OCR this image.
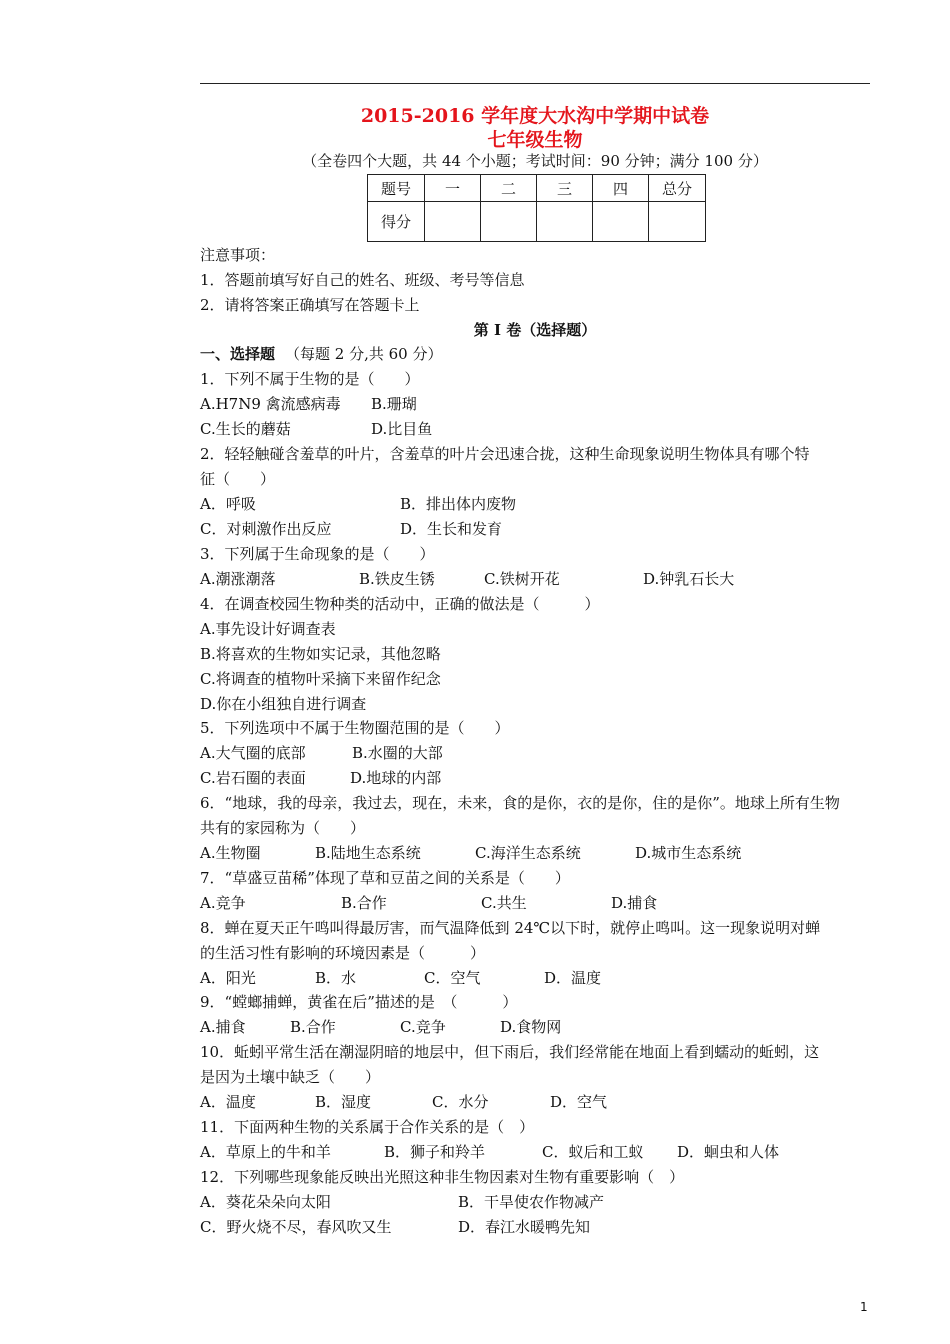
2015-2016 学年度大水沟中学期中试卷
七年级生物
（全卷四个大题，共 44 个小题；考试时间：90 分钟；满分 100 分）
题号	一	二	三	四	总分
得分					
注意事项：
1．答题前填写好自己的姓名、班级、考号等信息
2．请将答案正确填写在答题卡上
第 I 卷（选择题）
一、选择题 （每题 2 分,共 60 分）
1．下列不属于生物的是（　　）
A.H7N9 禽流感病毒 B.珊瑚
C.生长的蘑菇	D.比目鱼
2．轻轻触碰含羞草的叶片，含羞草的叶片会迅速合拢，这种生命现象说明生物体具有哪个特
征（　　）
A．呼吸	B．排出体内废物
C．对刺激作出反应	D．生长和发育
3．下列属于生命现象的是（　　）
A.潮涨潮落	B.铁皮生锈	C.铁树开花	D.钟乳石长大
4．在调查校园生物种类的活动中，正确的做法是（　　　）
A.事先设计好调查表
B.将喜欢的生物如实记录，其他忽略
C.将调查的植物叶采摘下来留作纪念
D.你在小组独自进行调查
5．下列选项中不属于生物圈范围的是（　　）
A.大气圈的底部	B.水圈的大部
C.岩石圈的表面	D.地球的内部
6．“地球，我的母亲，我过去，现在，未来，食的是你，衣的是你，住的是你”。地球上所有生物
共有的家园称为（　　）
A.生物圈	B.陆地生态系统	C.海洋生态系统	D.城市生态系统
7．“草盛豆苗稀”体现了草和豆苗之间的关系是（　　）
A.竞争	B.合作	C.共生	D.捕食
8．蝉在夏天正午鸣叫得最厉害，而气温降低到 24℃以下时，就停止鸣叫。这一现象说明对蝉
的生活习性有影响的环境因素是（　　　）
A．阳光	B．水	C．空气	D．温度
9．“螳螂捕蝉，黄雀在后”描述的是　（　　　）
A.捕食	B.合作	C.竞争	D.食物网
10．蚯蚓平常生活在潮湿阴暗的地层中，但下雨后，我们经常能在地面上看到蠕动的蚯蚓，这
是因为土壤中缺乏（　　）
A．温度	B．湿度	C．水分	D．空气
11．下面两种生物的关系属于合作关系的是（　）
A．草原上的牛和羊	B．狮子和羚羊	C．蚁后和工蚁 D．蛔虫和人体
12．下列哪些现象能反映出光照这种非生物因素对生物有重要影响（　）
A．葵花朵朵向太阳	B．干旱使农作物减产
C．野火烧不尽，春风吹又生	D．春江水暖鸭先知
1
